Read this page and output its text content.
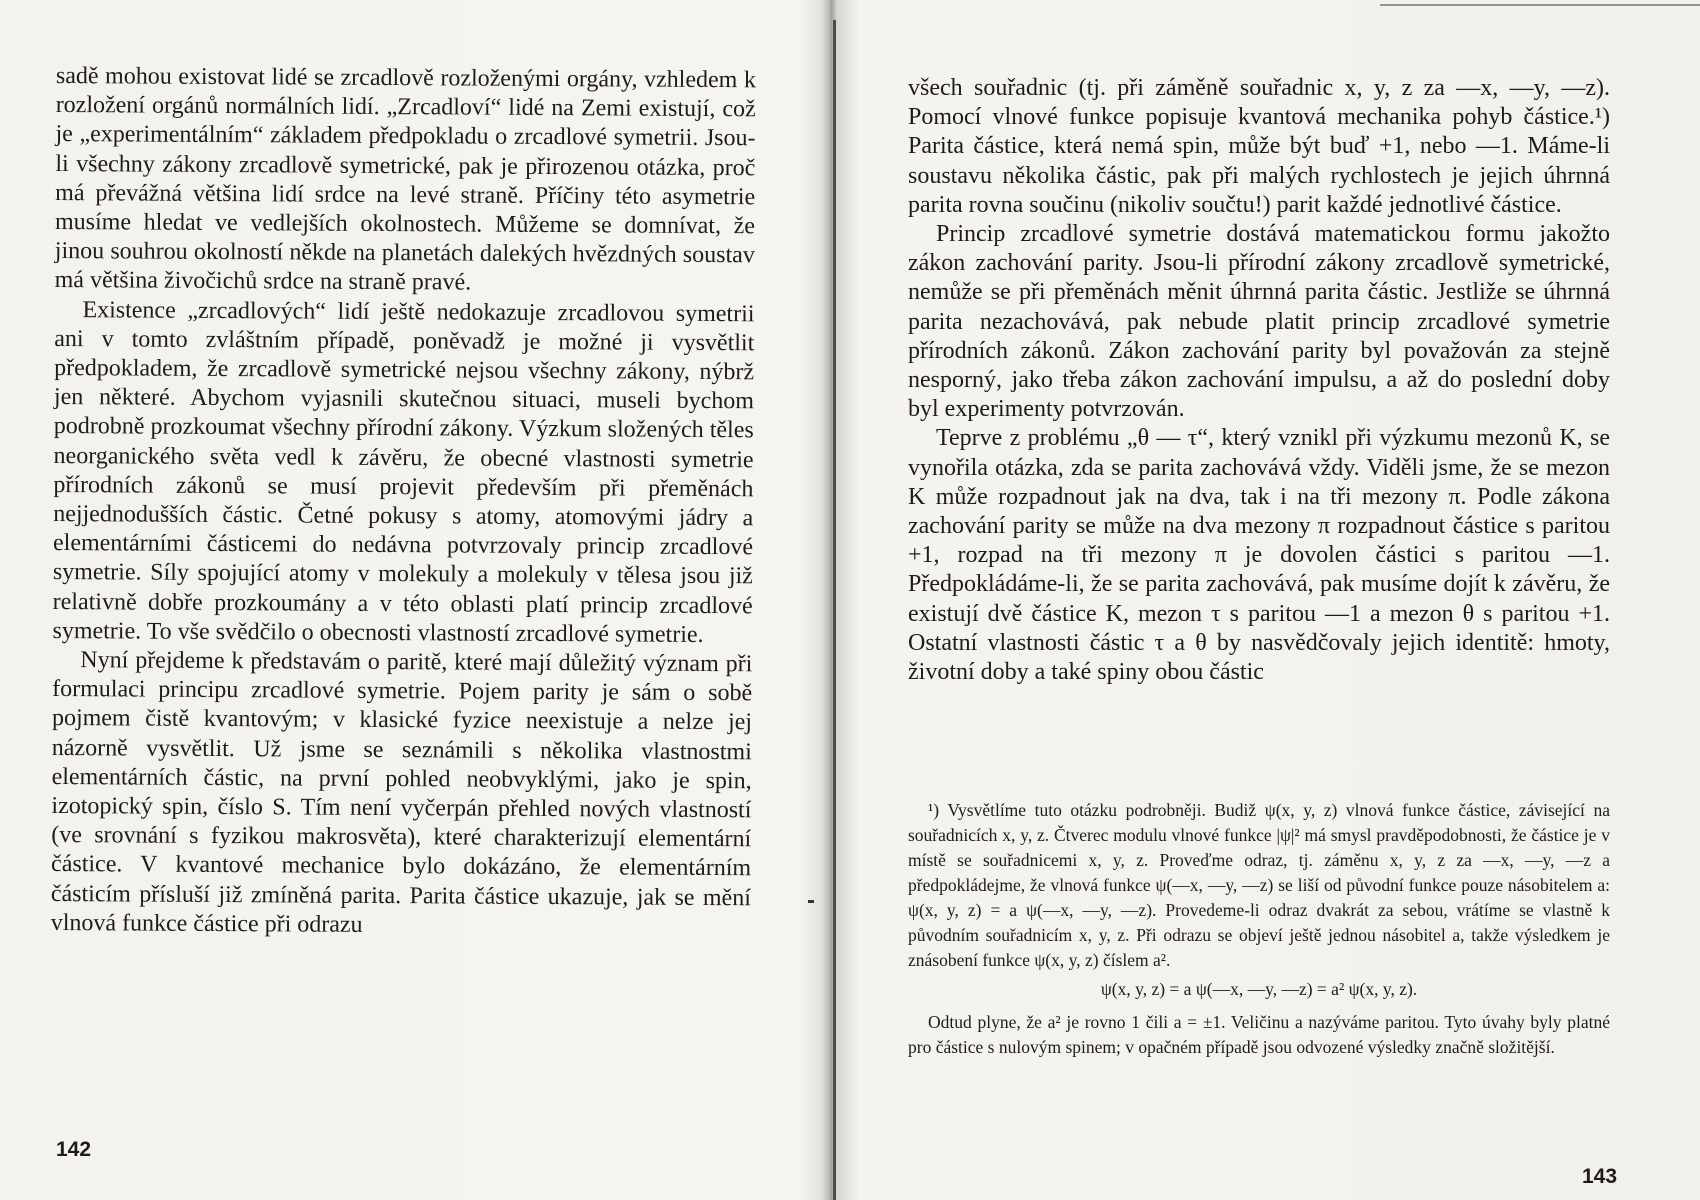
sadě mohou existovat lidé se zrcadlově rozloženými orgány, vzhledem k rozložení orgánů normálních lidí. „Zrcadloví“ lidé na Zemi existují, což je „experimentálním“ základem předpokladu o zrcadlové symetrii. Jsou-li všechny zákony zrcadlově symetrické, pak je přirozenou otázka, proč má převážná většina lidí srdce na levé straně. Příčiny této asymetrie musíme hledat ve vedlejších okolnostech. Můžeme se domnívat, že jinou souhrou okolností někde na planetách dalekých hvězdných soustav má většina živočichů srdce na straně pravé.

Existence „zrcadlových“ lidí ještě nedokazuje zrcadlovou symetrii ani v tomto zvláštním případě, poněvadž je možné ji vysvětlit předpokladem, že zrcadlově symetrické nejsou všechny zákony, nýbrž jen některé. Abychom vyjasnili skutečnou situaci, museli bychom podrobně prozkoumat všechny přírodní zákony. Výzkum složených těles neorganického světa vedl k závěru, že obecné vlastnosti symetrie přírodních zákonů se musí projevit především při přeměnách nejjednodušších částic. Četné pokusy s atomy, atomovými jádry a elementárními částicemi do nedávna potvrzovaly princip zrcadlové symetrie. Síly spojující atomy v molekuly a molekuly v tělesa jsou již relativně dobře prozkoumány a v této oblasti platí princip zrcadlové symetrie. To vše svědčilo o obecnosti vlastností zrcadlové symetrie.

Nyní přejdeme k představám o paritě, které mají důležitý význam při formulaci principu zrcadlové symetrie. Pojem parity je sám o sobě pojmem čistě kvantovým; v klasické fyzice neexistuje a nelze jej názorně vysvětlit. Už jsme se seznámili s několika vlastnostmi elementárních částic, na první pohled neobvyklými, jako je spin, izotopický spin, číslo S. Tím není vyčerpán přehled nových vlastností (ve srovnání s fyzikou makrosvěta), které charakterizují elementární částice. V kvantové mechanice bylo dokázáno, že elementárním částicím přísluší již zmíněná parita. Parita částice ukazuje, jak se mění vlnová funkce částice při odrazu

142

všech souřadnic (tj. při záměně souřadnic x, y, z za —x, —y, —z). Pomocí vlnové funkce popisuje kvantová mechanika pohyb částice.¹) Parita částice, která nemá spin, může být buď +1, nebo —1. Máme-li soustavu několika částic, pak při malých rychlostech je jejich úhrnná parita rovna součinu (nikoliv součtu!) parit každé jednotlivé částice.

Princip zrcadlové symetrie dostává matematickou formu jakožto zákon zachování parity. Jsou-li přírodní zákony zrcadlově symetrické, nemůže se při přeměnách měnit úhrnná parita částic. Jestliže se úhrnná parita nezachovává, pak nebude platit princip zrcadlové symetrie přírodních zákonů. Zákon zachování parity byl považován za stejně nesporný, jako třeba zákon zachování impulsu, a až do poslední doby byl experimenty potvrzován.

Teprve z problému „θ — τ“, který vznikl při výzkumu mezonů K, se vynořila otázka, zda se parita zachovává vždy. Viděli jsme, že se mezon K může rozpadnout jak na dva, tak i na tři mezony π. Podle zákona zachování parity se může na dva mezony π rozpadnout částice s paritou +1, rozpad na tři mezony π je dovolen částici s paritou —1. Předpokládáme-li, že se parita zachovává, pak musíme dojít k závěru, že existují dvě částice K, mezon τ s paritou —1 a mezon θ s paritou +1. Ostatní vlastnosti částic τ a θ by nasvědčovaly jejich identitě: hmoty, životní doby a také spiny obou částic

¹) Vysvětlíme tuto otázku podrobněji. Budiž ψ(x, y, z) vlnová funkce částice, závisející na souřadnicích x, y, z. Čtverec modulu vlnové funkce |ψ|² má smysl pravděpodobnosti, že částice je v místě se souřadnicemi x, y, z. Proveďme odraz, tj. záměnu x, y, z za —x, —y, —z a předpokládejme, že vlnová funkce ψ(—x, —y, —z) se liší od původní funkce pouze násobitelem a: ψ(x, y, z) = a ψ(—x, —y, —z). Provedeme-li odraz dvakrát za sebou, vrátíme se vlastně k původním souřadnicím x, y, z. Při odrazu se objeví ještě jednou násobitel a, takže výsledkem je znásobení funkce ψ(x, y, z) číslem a².

ψ(x, y, z) = a ψ(—x, —y, —z) = a² ψ(x, y, z).

Odtud plyne, že a² je rovno 1 čili a = ±1. Veličinu a nazýváme paritou. Tyto úvahy byly platné pro částice s nulovým spinem; v opačném případě jsou odvozené výsledky značně složitější.

143
